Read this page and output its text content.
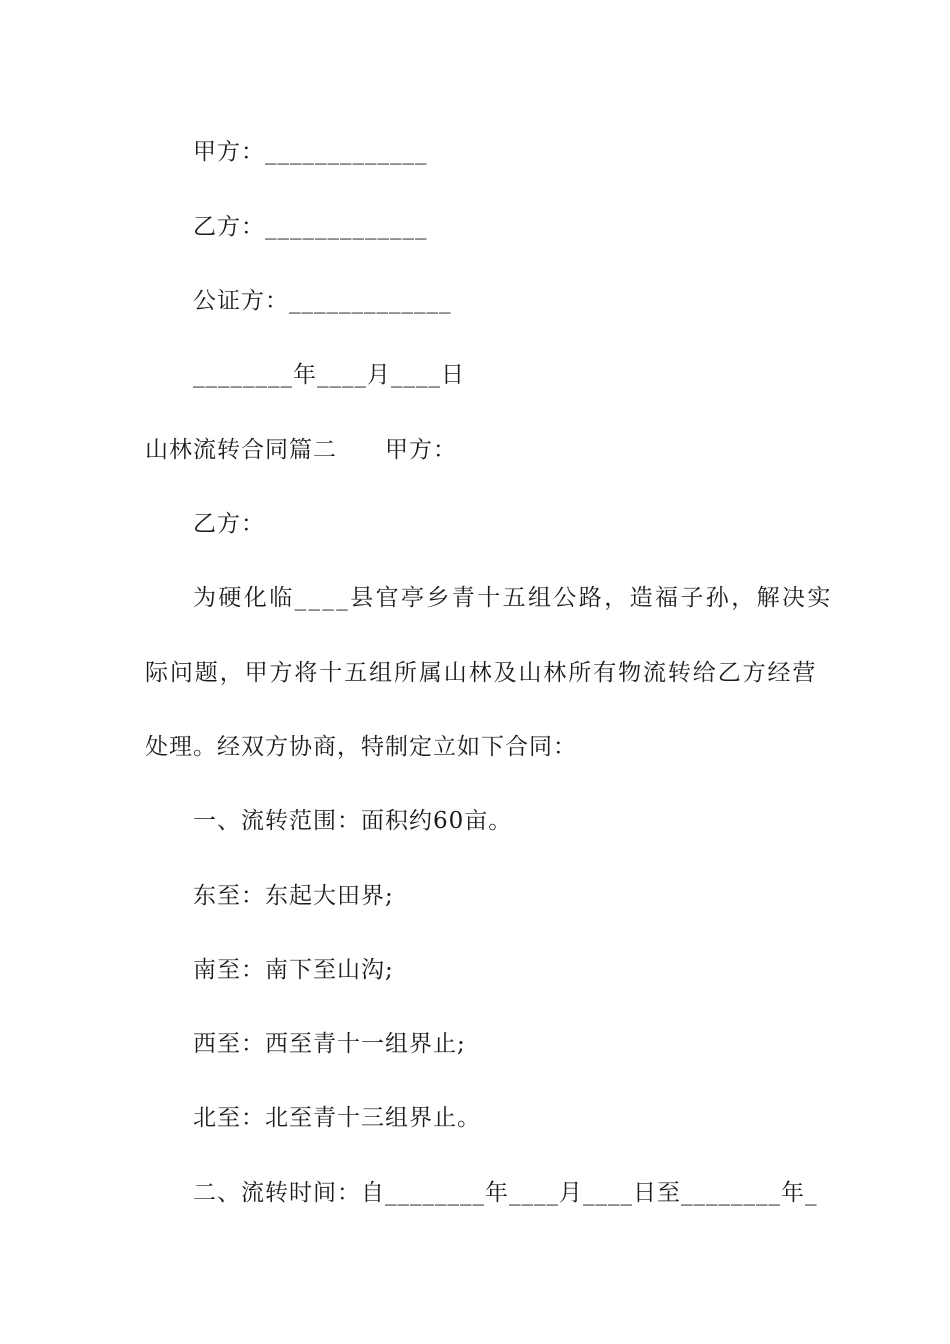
甲方：_____________
乙方：_____________
公证方：_____________
________年____月____日
山林流转合同篇二 甲方：
乙方：
为硬化临____县官亭乡青十五组公路，造福子孙，解决实
际问题，甲方将十五组所属山林及山林所有物流转给乙方经营
处理。经双方协商，特制定立如下合同：
一、流转范围：面积约60亩。
东至：东起大田界;
南至：南下至山沟;
西至：西至青十一组界止;
北至：北至青十三组界止。
二、流转时间：自________年____月____日至________年_
